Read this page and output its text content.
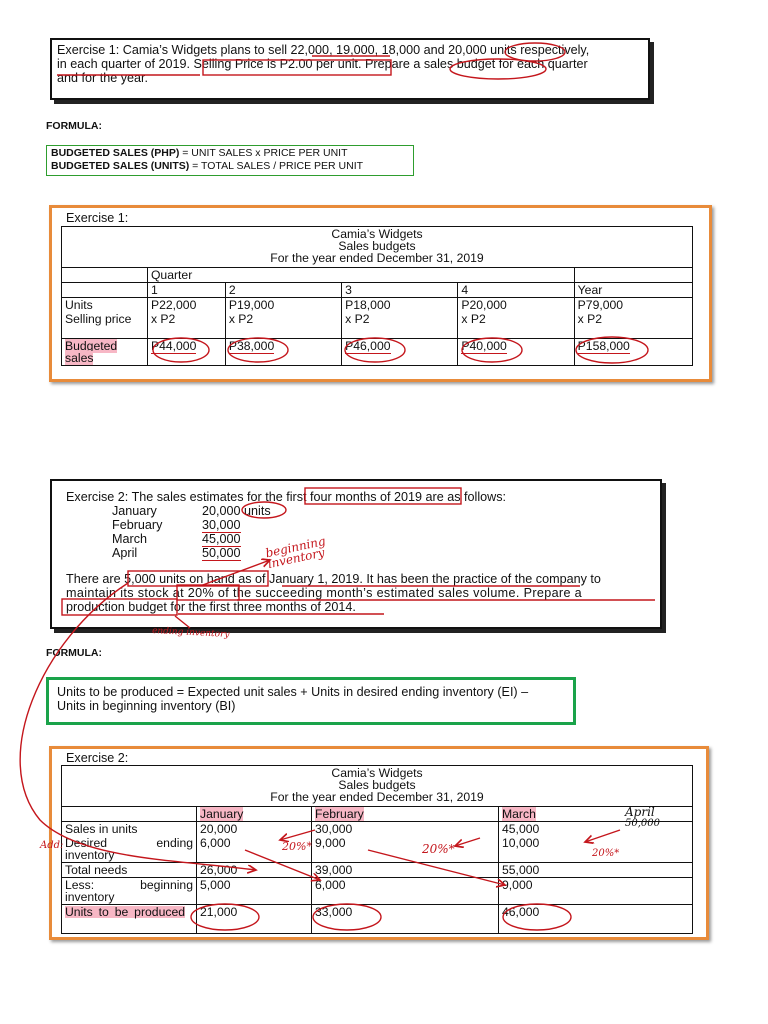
Exercise 1: Camia’s Widgets plans to sell 22,000, 19,000, 18,000 and 20,000 units respectively,
in each quarter of 2019. Selling Price is P2.00 per unit. Prepare a sales budget for each quarter
and for the year.
FORMULA:
BUDGETED SALES (PHP) = UNIT SALES x PRICE PER UNIT
BUDGETED SALES (UNITS) = TOTAL SALES / PRICE PER UNIT
Exercise 1:
Camia’s Widgets
Sales budgets
For the year ended December 31, 2019					

	Quarter				
	1	2	3	4	Year
Units	P22,000	P19,000	P18,000	P20,000	P79,000
Selling price	x P2	x P2	x P2	x P2	x P2
Budgeted sales	P44,000	P38,000	P46,000	P40,000	P158,000
Exercise 2: The sales estimates for the first four months of 2019 are as follows:
January	20,000 units
February	30,000
March	45,000
April	50,000
There are 5,000 units on hand as of January 1, 2019. It has been the practice of the company to
maintain its stock at 20% of the succeeding month’s estimated sales volume. Prepare a
production budget for the first three months of 2014.
FORMULA:
Units to be produced = Expected unit sales + Units in desired ending inventory (EI) –
Units in beginning inventory (BI)
Exercise 2:
Camia’s Widgets
Sales budgets
For the year ended December 31, 2019			

	January	February	March
Sales in units	20,000	30,000	45,000
Desired ending inventory	6,000	9,000	10,000
Total needs	26,000	39,000	55,000
Less: beginning inventory	5,000	6,000	9,000
Units to be produced	21,000	33,000	46,000
beginning inventory
ending inventory
April
50,000
20%*	20%*	20%*
Add:
